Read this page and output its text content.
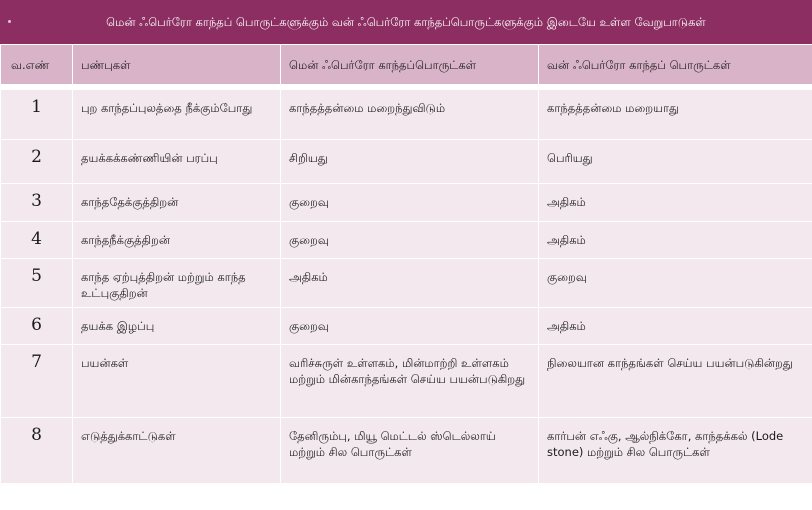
மென் ஃபெர்ரோ காந்தப் பொருட்களுக்கும் வன் ஃபெர்ரோ காந்தப்பொருட்களுக்கும் இடையே உள்ள வேறுபாடுகள்
வ.எண்	பண்புகள்	மென் ஃபெர்ரோ காந்தப்பொருட்கள்	வன் ஃபெர்ரோ காந்தப் பொருட்கள்

1	புற காந்தப்புலத்தை நீக்கும்போது	காந்தத்தன்மை மறைந்துவிடும்	காந்தத்தன்மை மறையாது
2	தயக்கக்கண்ணியின் பரப்பு	சிறியது	பெரியது
3	காந்ததேக்குத்திறன்	குறைவு	அதிகம்
4	காந்தநீக்குத்திறன்	குறைவு	அதிகம்
5	காந்த ஏற்புத்திறன் மற்றும் காந்த உட்புகுதிறன்	அதிகம்	குறைவு
6	தயக்க இழப்பு	குறைவு	அதிகம்
7	பயன்கள்	வரிச்சுருள் உள்ளகம், மின்மாற்றி உள்ளகம் மற்றும் மின்காந்தங்கள் செய்ய பயன்படுகிறது	நிலையான காந்தங்கள் செய்ய பயன்படுகின்றது
8	எடுத்துக்காட்டுகள்	தேனிரும்பு, மியூ மெட்டல் ஸ்டெல்லாய் மற்றும் சில பொருட்கள்	கார்பன் எஃகு, ஆல்நிக்கோ, காந்தக்கல் (Lode stone) மற்றும் சில பொருட்கள்
